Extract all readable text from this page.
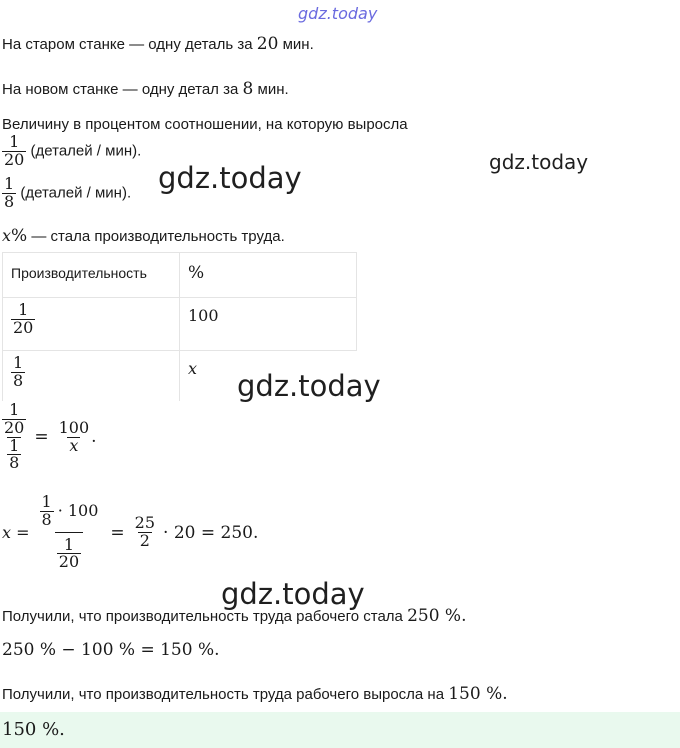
gdz.today
На старом станке — одну деталь за 20 мин.
На новом станке — одну детал за 8 мин.
Величину в процентом соотношении, на которую выросла
$\frac{1}{20}$ (деталей / мин).
$\frac{1}{8}$ (деталей / мин).
x% — стала производительность труда.
Производительность	%

$\frac{1}{20}$	100

$\frac{1}{8}$	x
$\frac{\frac{1}{20}}{\frac{1}{8}} = \frac{100}{x}$ .
$x = \frac{\frac{1}{8} \cdot 100}{\frac{1}{20}} = \frac{25}{2} \cdot 20 = 250$.
Получили, что производительность труда рабочего стала 250 %.
250 % − 100 % = 150 %.
Получили, что производительность труда рабочего выросла на 150 %.
150 %.
gdz.today
gdz.today
gdz.today
gdz.today
